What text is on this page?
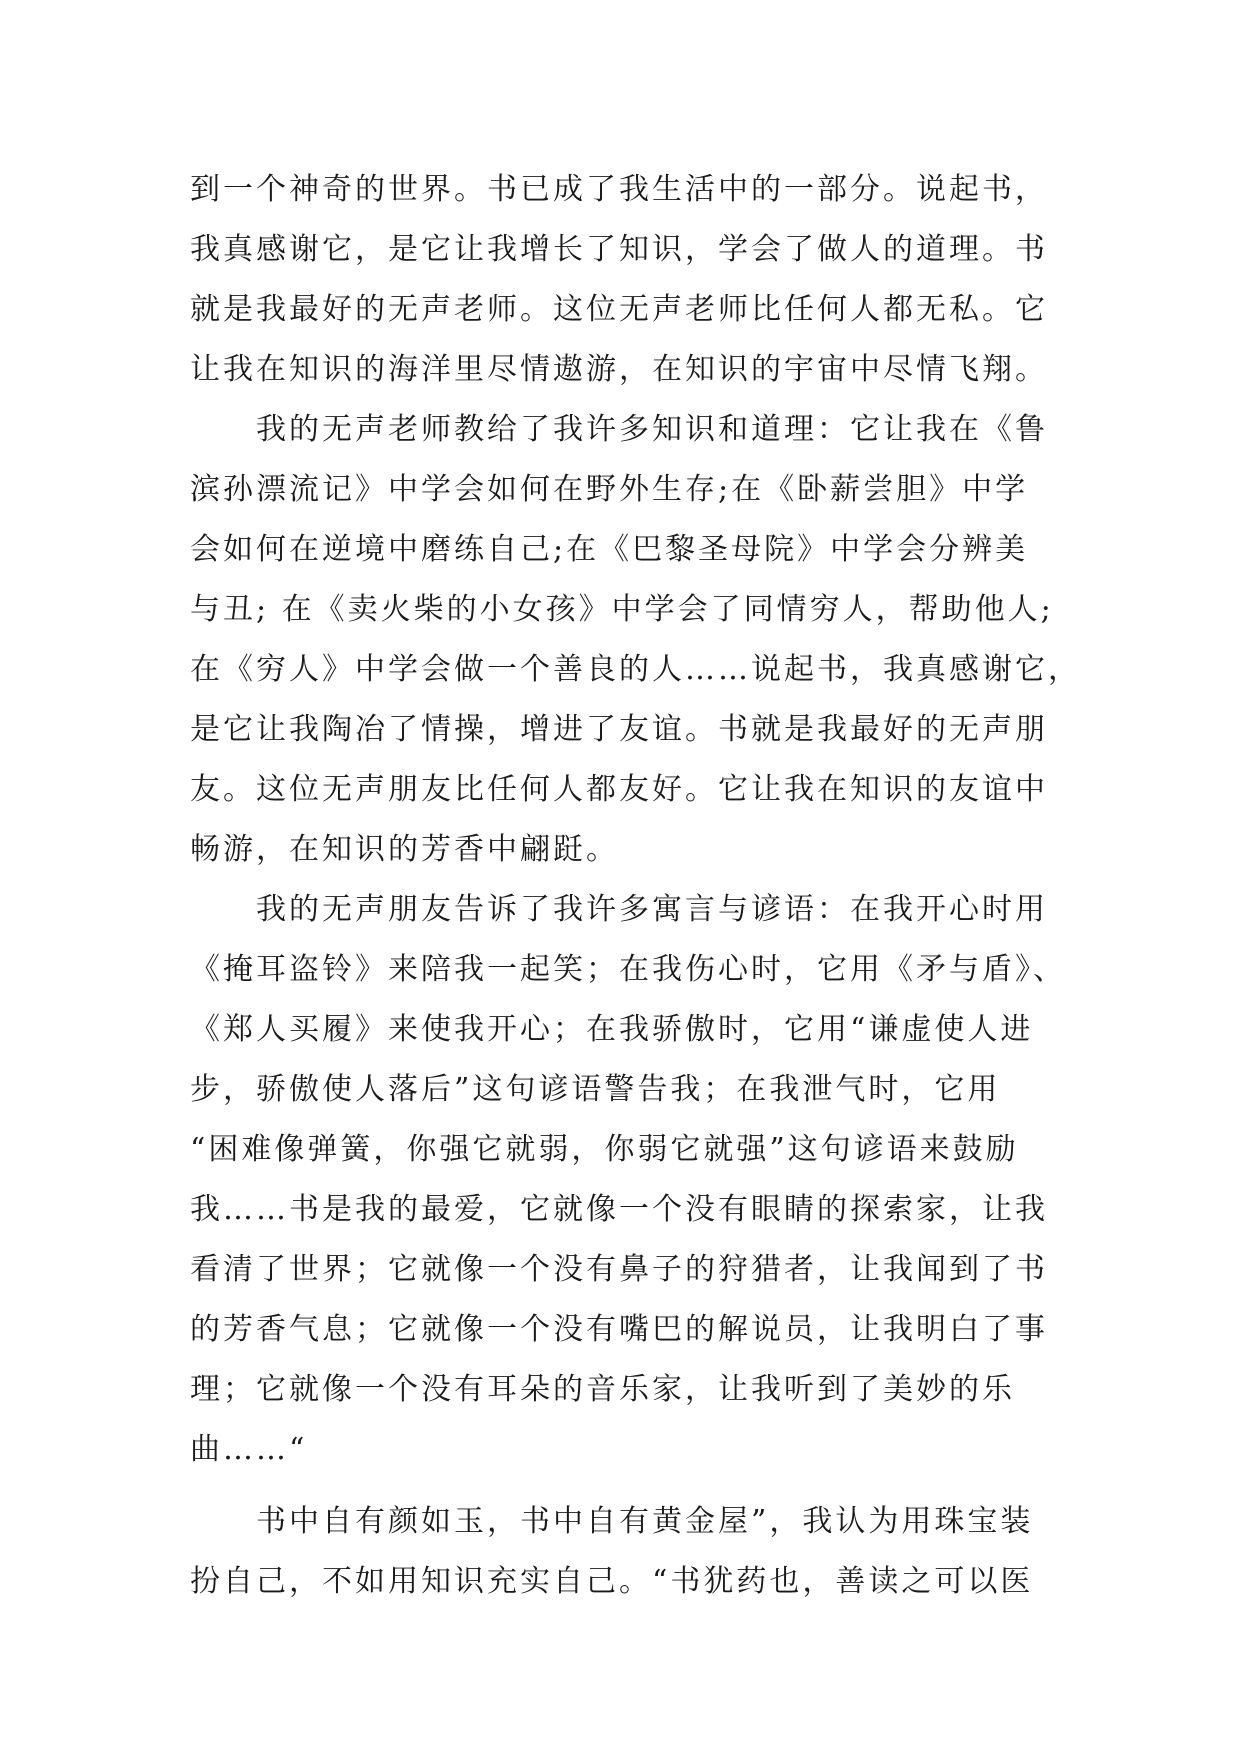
到一个神奇的世界。书已成了我生活中的一部分。说起书，
我真感谢它，是它让我增长了知识，学会了做人的道理。书
就是我最好的无声老师。这位无声老师比任何人都无私。它
让我在知识的海洋里尽情遨游，在知识的宇宙中尽情飞翔。
我的无声老师教给了我许多知识和道理：它让我在《鲁
滨孙漂流记》中学会如何在野外生存;在《卧薪尝胆》中学
会如何在逆境中磨练自己;在《巴黎圣母院》中学会分辨美
与丑; 在《卖火柴的小女孩》中学会了同情穷人，帮助他人;
在《穷人》中学会做一个善良的人……说起书，我真感谢它，
是它让我陶冶了情操，增进了友谊。书就是我最好的无声朋
友。这位无声朋友比任何人都友好。它让我在知识的友谊中
畅游，在知识的芳香中翩跹。
我的无声朋友告诉了我许多寓言与谚语：在我开心时用
《掩耳盗铃》来陪我一起笑；在我伤心时，它用《矛与盾》、
《郑人买履》来使我开心；在我骄傲时，它用“谦虚使人进
步，骄傲使人落后”这句谚语警告我；在我泄气时，它用
“困难像弹簧，你强它就弱，你弱它就强”这句谚语来鼓励
我……书是我的最爱，它就像一个没有眼睛的探索家，让我
看清了世界；它就像一个没有鼻子的狩猎者，让我闻到了书
的芳香气息；它就像一个没有嘴巴的解说员，让我明白了事
理；它就像一个没有耳朵的音乐家，让我听到了美妙的乐
曲……“
书中自有颜如玉，书中自有黄金屋”，我认为用珠宝装
扮自己，不如用知识充实自己。“书犹药也，善读之可以医
